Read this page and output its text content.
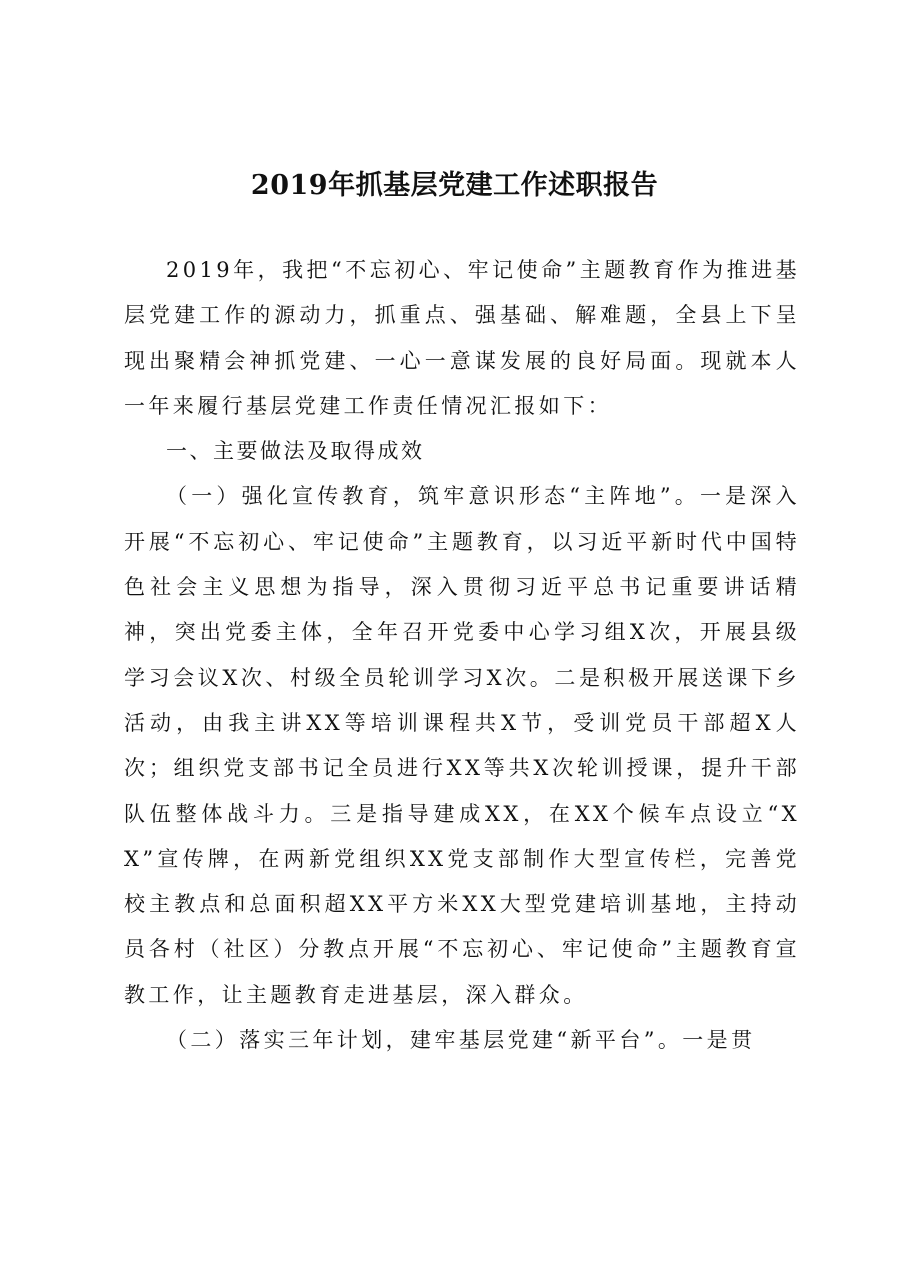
2019年抓基层党建工作述职报告

2019年，我把“不忘初心、牢记使命”主题教育作为推进基层党建工作的源动力，抓重点、强基础、解难题，全县上下呈现出聚精会神抓党建、一心一意谋发展的良好局面。现就本人一年来履行基层党建工作责任情况汇报如下：

一、主要做法及取得成效

（一）强化宣传教育，筑牢意识形态“主阵地”。一是深入开展“不忘初心、牢记使命”主题教育，以习近平新时代中国特色社会主义思想为指导，深入贯彻习近平总书记重要讲话精神，突出党委主体，全年召开党委中心学习组X次，开展县级学习会议X次、村级全员轮训学习X次。二是积极开展送课下乡活动，由我主讲XX等培训课程共X节，受训党员干部超X人次；组织党支部书记全员进行XX等共X次轮训授课，提升干部队伍整体战斗力。三是指导建成XX，在XX个候车点设立“XX”宣传牌，在两新党组织XX党支部制作大型宣传栏，完善党校主教点和总面积超XX平方米XX大型党建培训基地，主持动员各村（社区）分教点开展“不忘初心、牢记使命”主题教育宣教工作，让主题教育走进基层，深入群众。

（二）落实三年计划，建牢基层党建“新平台”。一是贯
